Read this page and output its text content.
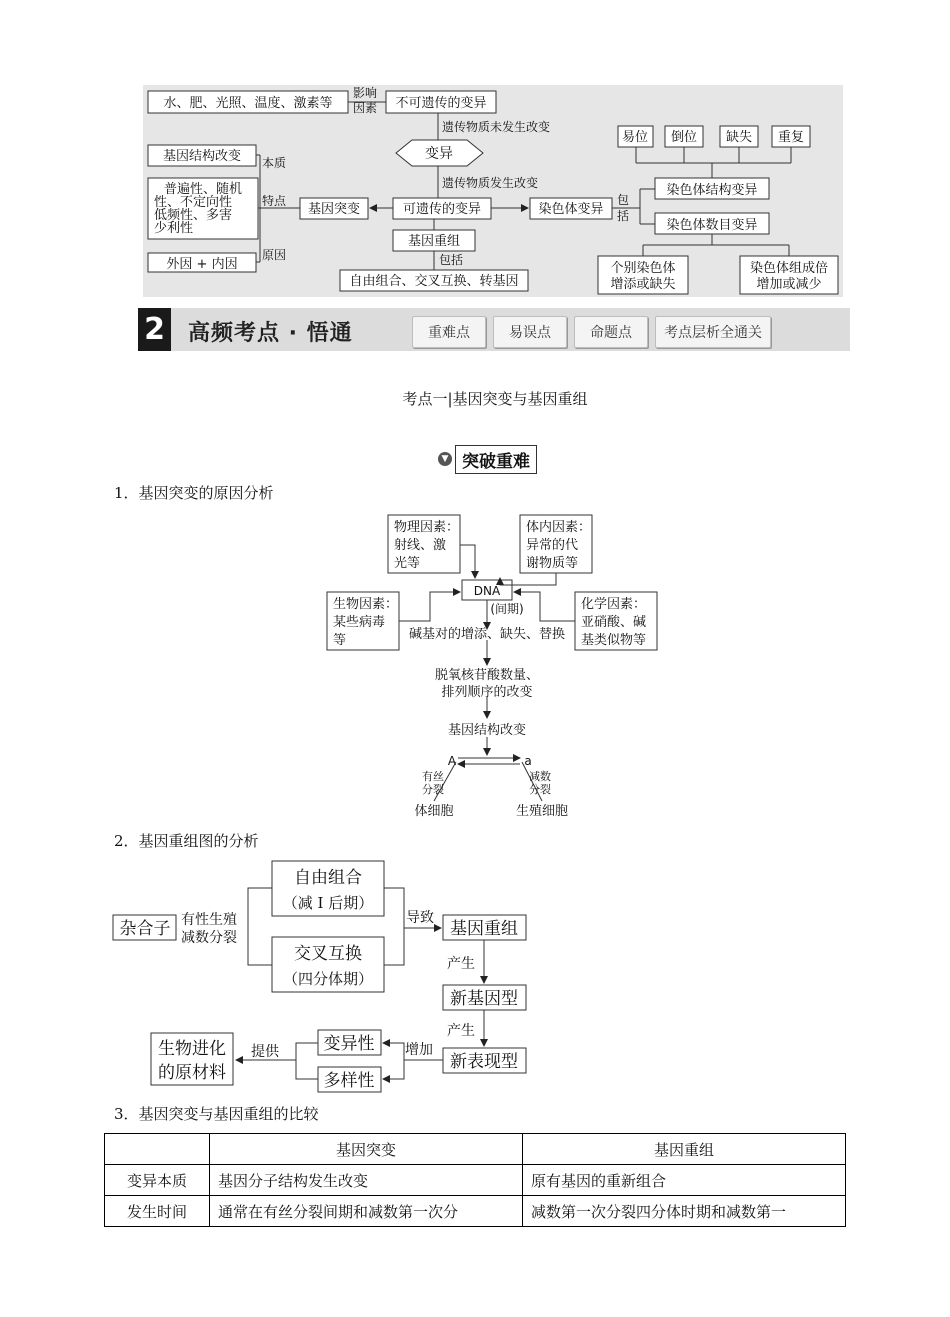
水、肥、光照、温度、激素等	不可遗传的变异
变异
基因结构改变
外因 + 内因
基因突变	可遗传的变异
基因重组
自由组合、交叉互换、转基因
染色体变异
易位 倒位 缺失 重复
染色体结构变异
染色体数目变异
个别染色体
增添或缺失
染色体组成倍
增加或减少
普遍性、随机
性、不定向性
低频性、多害
少利性
影响
因素
遗传物质未发生改变
遗传物质发生改变
本质
特点
原因	包括
包
括
2 高频考点 · 悟通	重难点	易误点	命题点	考点层析全通关
考点一|基因突变与基因重组
▼ 突破重难
1．基因突变的原因分析
物理因素：
射线、激
光等
体内因素：
异常的代
谢物质等
生物因素：
某些病毒
等
化学因素：
亚硝酸、碱
基类似物等
DNA
(间期)
碱基对的增添、缺失、替换
脱氧核苷酸数量、
排列顺序的改变
基因结构改变
A	a
有丝
分裂
减数
分裂
体细胞	生殖细胞
2．基因重组图的分析
杂合子
自由组合
（减 Ⅰ 后期）
交叉互换
（四分体期）
基因重组
新基因型
新表现型
变异性
多样性
生物进化
的原材料
有性生殖
减数分裂
导致
产生
产生
增加
提供
3．基因突变与基因重组的比较
	基因突变	基因重组
变异本质	基因分子结构发生改变	原有基因的重新组合
发生时间	通常在有丝分裂间期和减数第一次分	减数第一次分裂四分体时期和减数第一
